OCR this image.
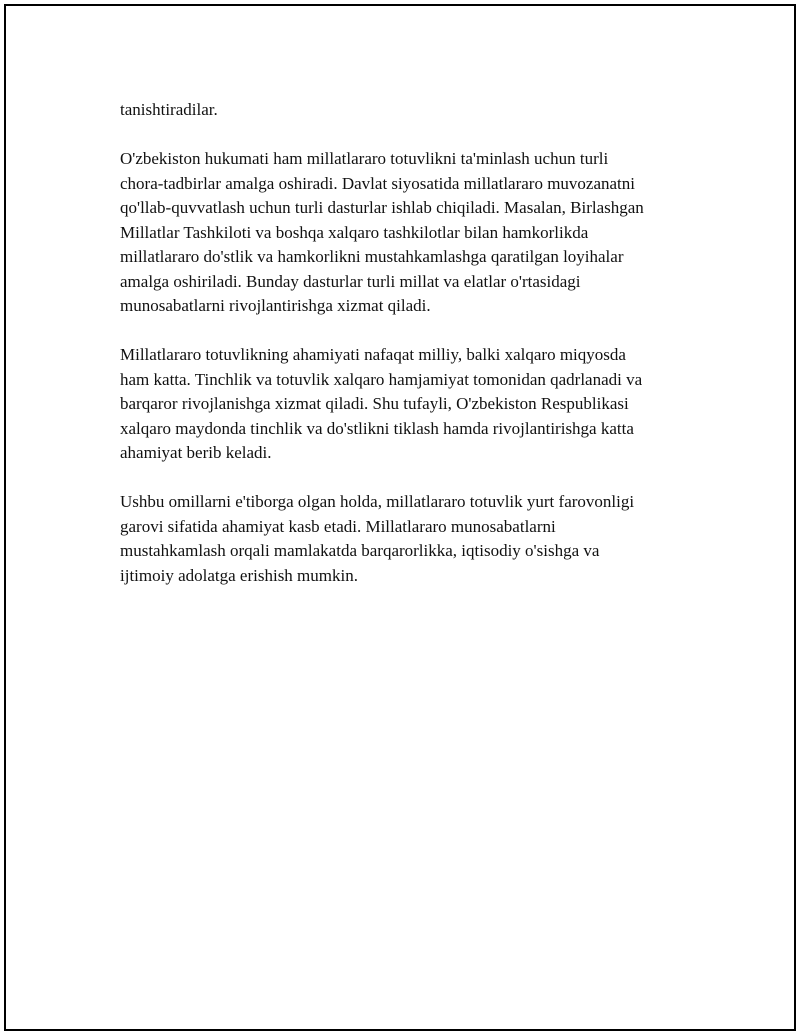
tanishtiradilar.

O'zbekiston hukumati ham millatlararo totuvlikni ta'minlash uchun turli
chora-tadbirlar amalga oshiradi. Davlat siyosatida millatlararo muvozanatni
qo'llab-quvvatlash uchun turli dasturlar ishlab chiqiladi. Masalan, Birlashgan
Millatlar Tashkiloti va boshqa xalqaro tashkilotlar bilan hamkorlikda
millatlararo do'stlik va hamkorlikni mustahkamlashga qaratilgan loyihalar
amalga oshiriladi. Bunday dasturlar turli millat va elatlar o'rtasidagi
munosabatlarni rivojlantirishga xizmat qiladi.

Millatlararo totuvlikning ahamiyati nafaqat milliy, balki xalqaro miqyosda
ham katta. Tinchlik va totuvlik xalqaro hamjamiyat tomonidan qadrlanadi va
barqaror rivojlanishga xizmat qiladi. Shu tufayli, O'zbekiston Respublikasi
xalqaro maydonda tinchlik va do'stlikni tiklash hamda rivojlantirishga katta
ahamiyat berib keladi.

Ushbu omillarni e'tiborga olgan holda, millatlararo totuvlik yurt farovonligi
garovi sifatida ahamiyat kasb etadi. Millatlararo munosabatlarni
mustahkamlash orqali mamlakatda barqarorlikka, iqtisodiy o'sishga va
ijtimoiy adolatga erishish mumkin.
